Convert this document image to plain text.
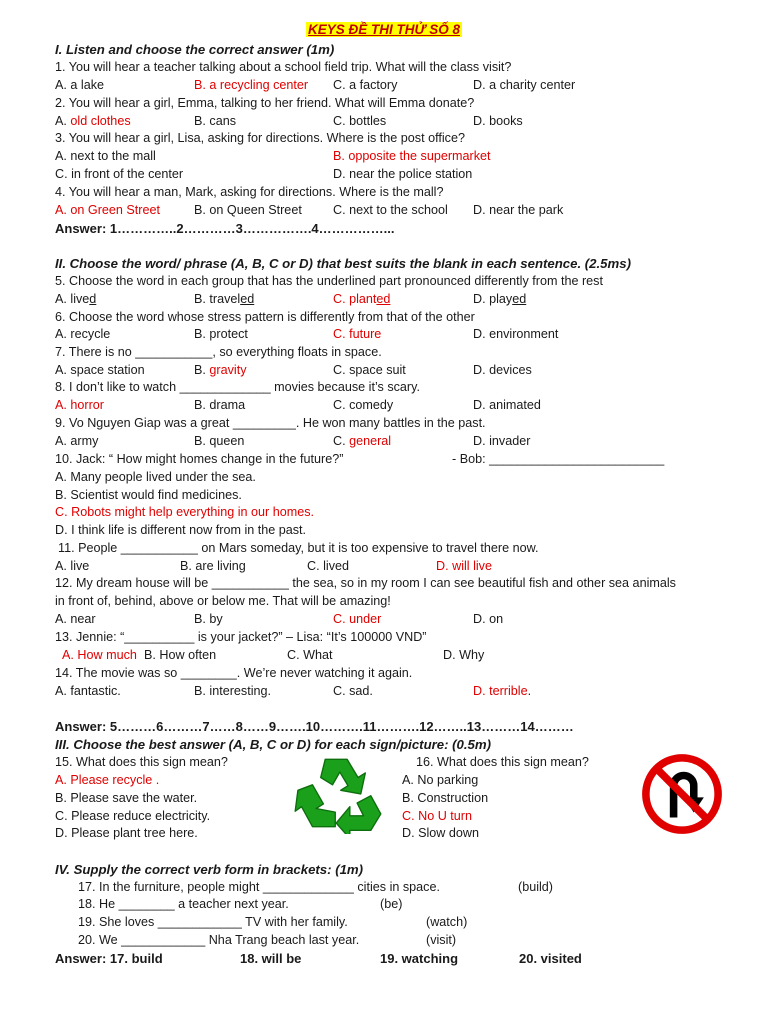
KEYS ĐỀ THI THỬ SỐ 8
I. Listen and choose the correct answer (1m)
1. You will hear a teacher talking about a school field trip. What will the class visit?
A. a lake	B. a recycling center C. a factory	D. a charity center
2. You will hear a girl, Emma, talking to her friend. What will Emma donate?
A. old clothes	B. cans	C. bottles	D. books
3. You will hear a girl, Lisa, asking for directions. Where is the post office?
A. next to the mall	B. opposite the supermarket
C. in front of the center	D. near the police station
4. You will hear a man, Mark, asking for directions. Where is the mall?
A. on Green Street	B. on Queen Street C. next to the school D. near the park
Answer: 1…………..2…………3…………….4……………...
II. Choose the word/ phrase (A, B, C or D) that best suits the blank in each sentence. (2.5ms)
5. Choose the word in each group that has the underlined part pronounced differently from the rest
A. lived	B. traveled	C. planted	D. played
6. Choose the word whose stress pattern is differently from that of the other
A. recycle	B. protect	C. future	D. environment
7. There is no ___________, so everything floats in space.
A. space station	B. gravity	C. space suit	D. devices
8. I don’t like to watch _____________ movies because it’s scary.
A. horror	B. drama	C. comedy	D. animated
9. Vo Nguyen Giap was a great _________. He won many battles in the past.
A. army	B. queen	C. general	D. invader
10. Jack: “ How might homes change in the future?”	- Bob: _________________________
A. Many people lived under the sea.
B. Scientist would find medicines.
C. Robots might help everything in our homes.
D. I think life is different now from in the past.
11. People ___________ on Mars someday, but it is too expensive to travel there now.
A. live	B. are living	C. lived	D. will live
12. My dream house will be ___________ the sea, so in my room I can see beautiful fish and other sea animals
in front of, behind, above or below me. That will be amazing!
A. near	B. by	C. under	D. on
13. Jennie: “__________ is your jacket?” – Lisa: “It’s 100000 VND”
A. How much B. How often	C. What	D. Why
14. The movie was so ________. We’re never watching it again.
A. fantastic.	B. interesting.	C. sad.	D. terrible.
Answer: 5………6………7……8……9…….10……….11……….12……..13………14………
III. Choose the best answer (A, B, C or D) for each sign/picture: (0.5m)
15. What does this sign mean?
A. Please recycle .
B. Please save the water.
C. Please reduce electricity.
D. Please plant tree here.
16. What does this sign mean?
A. No parking
B. Construction
C. No U turn
D. Slow down
IV. Supply the correct verb form in brackets: (1m)
17. In the furniture, people might _____________ cities in space.	(build)
18. He ________ a teacher next year.	(be)
19. She loves ____________ TV with her family.	(watch)
20. We ____________ Nha Trang beach last year.	(visit)
Answer: 17. build	18. will be	19. watching	20. visited
